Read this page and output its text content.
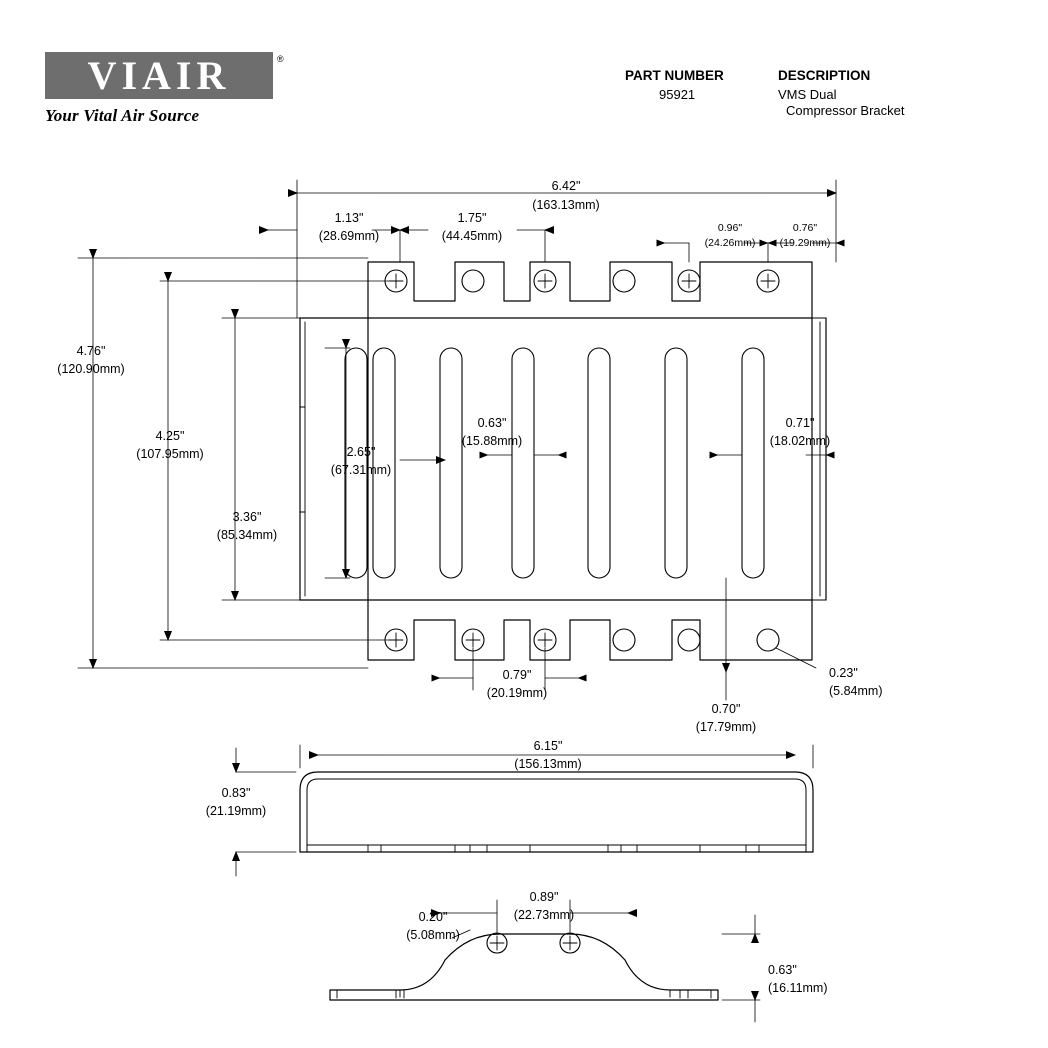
VIAIR	®
Your Vital Air Source
PART NUMBER
95921
DESCRIPTION
VMS Dual
Compressor Bracket
6.42"
(163.13mm)
1.13"
(28.69mm)
1.75"
(44.45mm)
0.96"
(24.26mm)
0.76"
(19.29mm)
4.76"
(120.90mm)
4.25"
(107.95mm)
3.36"
(85.34mm)
2.65"
(67.31mm)
0.63"
(15.88mm)
0.71"
(18.02mm)
0.79"
(20.19mm)
0.70"
(17.79mm)
0.23"
(5.84mm)
6.15"
(156.13mm)
0.83"
(21.19mm)
0.89"
(22.73mm)
0.20"
(5.08mm)
0.63"
(16.11mm)
